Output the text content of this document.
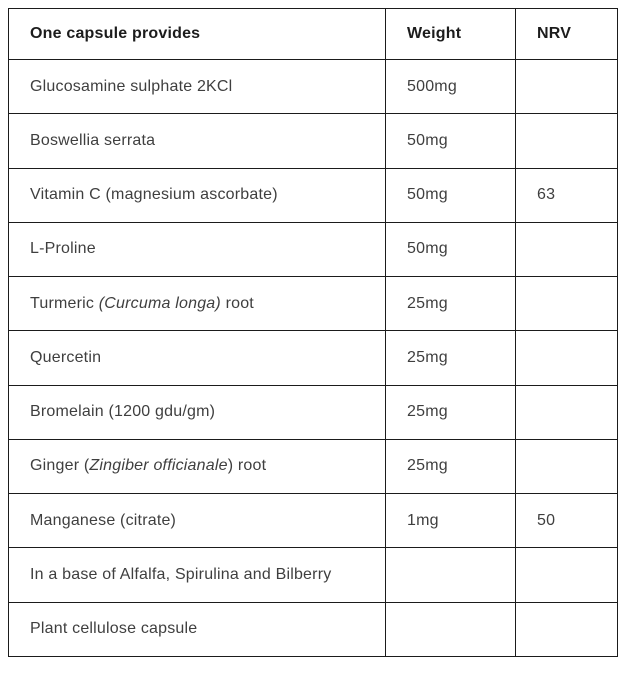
One capsule provides	Weight	NRV
Glucosamine sulphate 2KCl	500mg	
Boswellia serrata	50mg	
Vitamin C (magnesium ascorbate)	50mg	63
L-Proline	50mg	
Turmeric (Curcuma longa) root	25mg	
Quercetin	25mg	
Bromelain (1200 gdu/gm)	25mg	
Ginger (Zingiber officianale) root	25mg	
Manganese (citrate)	1mg	50
In a base of Alfalfa, Spirulina and Bilberry		
Plant cellulose capsule		
